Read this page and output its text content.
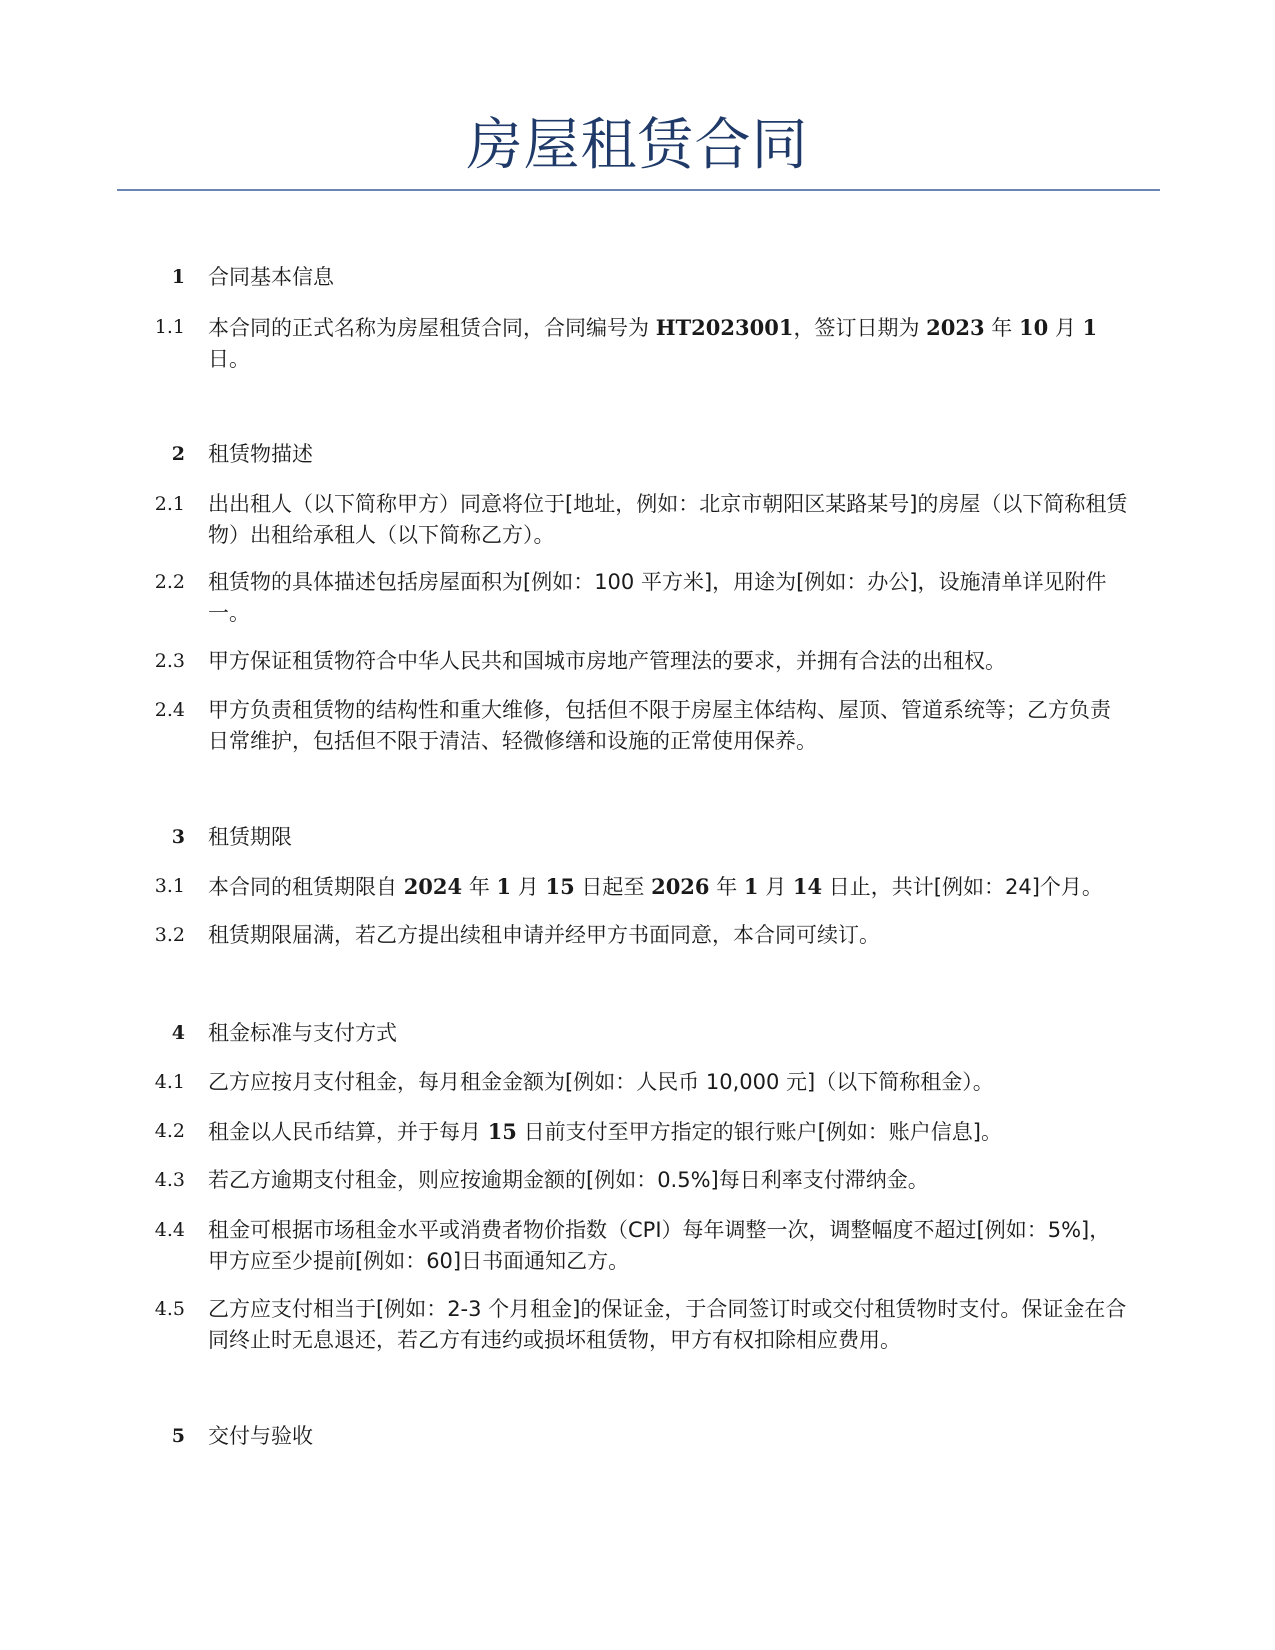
房屋租赁合同
1 合同基本信息
1.1 本合同的正式名称为房屋租赁合同，合同编号为 HT2023001，签订日期为 2023 年 10 月 1 日。
2 租赁物描述
2.1 出出租人（以下简称甲方）同意将位于[地址，例如：北京市朝阳区某路某号]的房屋（以下简称租赁物）出租给承租人（以下简称乙方）。
2.2 租赁物的具体描述包括房屋面积为[例如：100 平方米]，用途为[例如：办公]，设施清单详见附件一。
2.3 甲方保证租赁物符合中华人民共和国城市房地产管理法的要求，并拥有合法的出租权。
2.4 甲方负责租赁物的结构性和重大维修，包括但不限于房屋主体结构、屋顶、管道系统等；乙方负责日常维护，包括但不限于清洁、轻微修缮和设施的正常使用保养。
3 租赁期限
3.1 本合同的租赁期限自 2024 年 1 月 15 日起至 2026 年 1 月 14 日止，共计[例如：24]个月。
3.2 租赁期限届满，若乙方提出续租申请并经甲方书面同意，本合同可续订。
4 租金标准与支付方式
4.1 乙方应按月支付租金，每月租金金额为[例如：人民币 10,000 元]（以下简称租金）。
4.2 租金以人民币结算，并于每月 15 日前支付至甲方指定的银行账户[例如：账户信息]。
4.3 若乙方逾期支付租金，则应按逾期金额的[例如：0.5%]每日利率支付滞纳金。
4.4 租金可根据市场租金水平或消费者物价指数（CPI）每年调整一次，调整幅度不超过[例如：5%]，甲方应至少提前[例如：60]日书面通知乙方。
4.5 乙方应支付相当于[例如：2-3 个月租金]的保证金，于合同签订时或交付租赁物时支付。保证金在合同终止时无息退还，若乙方有违约或损坏租赁物，甲方有权扣除相应费用。
5 交付与验收
